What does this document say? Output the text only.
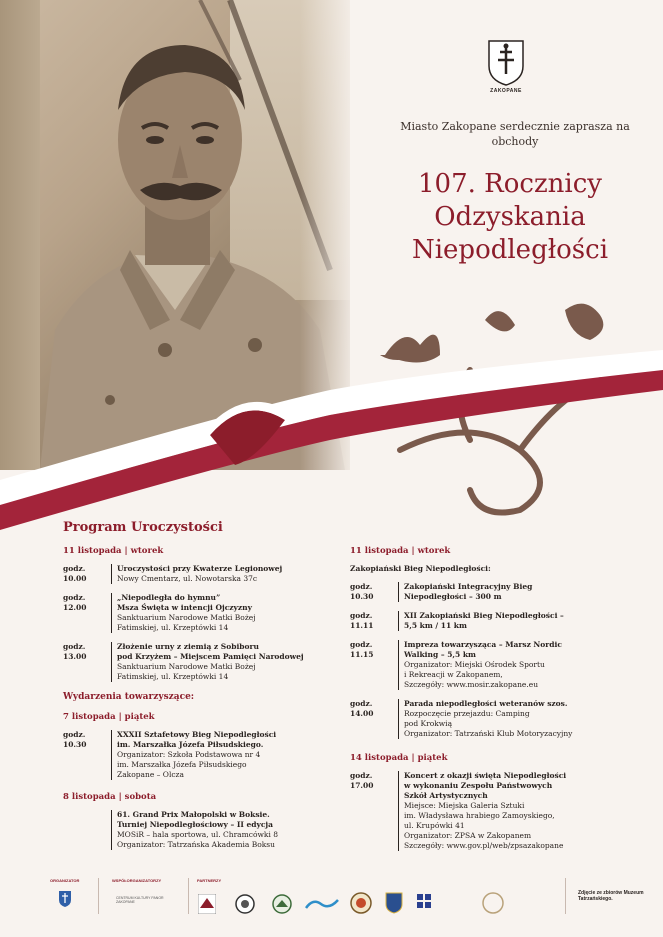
ZAKOPANE
Miasto Zakopane serdecznie zaprasza na obchody
107. Rocznicy
Odzyskania
Niepodległości
Program Uroczystości
11 listopada | wtorek
godz. 10.00
Uroczystości przy Kwaterze Legionowej
Nowy Cmentarz, ul. Nowotarska 37c
godz. 12.00
„Niepodległa do hymnu”
Msza Święta w intencji Ojczyzny
Sanktuarium Narodowe Matki Bożej
Fatimskiej, ul. Krzeptówki 14
godz. 13.00
Złożenie urny z ziemią z Sobiboru
pod Krzyżem – Miejscem Pamięci Narodowej
Sanktuarium Narodowe Matki Bożej
Fatimskiej, ul. Krzeptówki 14
Wydarzenia towarzyszące:
7 listopada | piątek
godz. 10.30
XXXII Sztafetowy Bieg Niepodległości
im. Marszałka Józefa Piłsudskiego.
Organizator: Szkoła Podstawowa nr 4
im. Marszałka Józefa Piłsudskiego
Zakopane – Olcza
8 listopada | sobota
61. Grand Prix Małopolski w Boksie.
Turniej Niepodległościowy – II edycja
MOSiR – hala sportowa, ul. Chramcówki 8
Organizator: Tatrzańska Akademia Boksu
11 listopada | wtorek
Zakopiański Bieg Niepodległości:
godz. 10.30
Zakopiański Integracyjny Bieg
Niepodległości – 300 m
godz. 11.11
XII Zakopiański Bieg Niepodległości –
5,5 km / 11 km
godz. 11.15
Impreza towarzysząca – Marsz Nordic
Walking – 5,5 km
Organizator: Miejski Ośrodek Sportu
i Rekreacji w Zakopanem,
Szczegóły: www.mosir.zakopane.eu
godz. 14.00
Parada niepodległości weteranów szos.
Rozpoczęcie przejazdu: Camping
pod Krokwią
Organizator: Tatrzański Klub Motoryzacyjny
14 listopada | piątek
godz. 17.00
Koncert z okazji święta Niepodległości
w wykonaniu Zespołu Państwowych
Szkół Artystycznych
Miejsce: Miejska Galeria Sztuki
im. Władysława hrabiego Zamoyskiego,
ul. Krupówki 41
Organizator: ZPSA w Zakopanem
Szczegóły: www.gov.pl/web/zpsazakopane
ORGANIZATOR	WSPÓŁORGANIZATORZY
CENTRUM KULTURY PANOR ZAKOPANE
PARTNERZY
Zdjęcie ze zbiorów Muzeum Tatrzańskiego.
